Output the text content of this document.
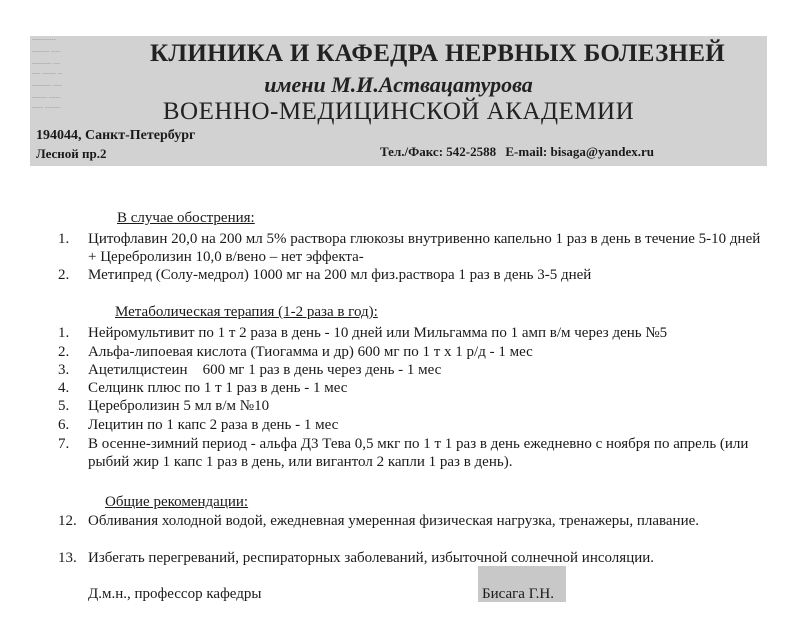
-----------
-------- ----
--------- ---
---- ------ --
--------- ----
------- -----
----- -------
КЛИНИКА И КАФЕДРА НЕРВНЫХ БОЛЕЗНЕЙ
имени М.И.Аствацатурова
ВОЕННО-МЕДИЦИНСКОЙ АКАДЕМИИ
194044, Санкт-Петербург
Лесной пр.2	Тел./Факс: 542-2588 E-mail: bisaga@yandex.ru
В случае обострения:
1. Цитофлавин 20,0 на 200 мл 5% раствора глюкозы внутривенно капельно 1 раз в день в течение 5-10 дней + Церебролизин 10,0 в/вено – нет эффекта-
2. Метипред (Солу-медрол) 1000 мг на 200 мл физ.раствора 1 раз в день 3-5 дней
Метаболическая терапия (1-2 раза в год):
1. Нейромультивит по 1 т 2 раза в день - 10 дней или Мильгамма по 1 амп в/м через день №5
2. Альфа-липоевая кислота (Тиогамма и др) 600 мг по 1 т х 1 р/д - 1 мес
3. Ацетилцистеин    600 мг 1 раз в день через день - 1 мес
4. Селцинк плюс по 1 т 1 раз в день - 1 мес
5. Церебролизин 5 мл в/м №10
6. Лецитин по 1 капс 2 раза в день - 1 мес
7. В осенне-зимний период - альфа Д3 Тева 0,5 мкг по 1 т 1 раз в день ежедневно с ноября по апрель (или рыбий жир 1 капс 1 раз в день, или вигантол 2 капли 1 раз в день).
Общие рекомендации:
12. Обливания холодной водой, ежедневная умеренная физическая нагрузка, тренажеры, плавание.
13. Избегать перегреваний, респираторных заболеваний, избыточной солнечной инсоляции.
Д.м.н., профессор кафедры	Бисага Г.Н.
